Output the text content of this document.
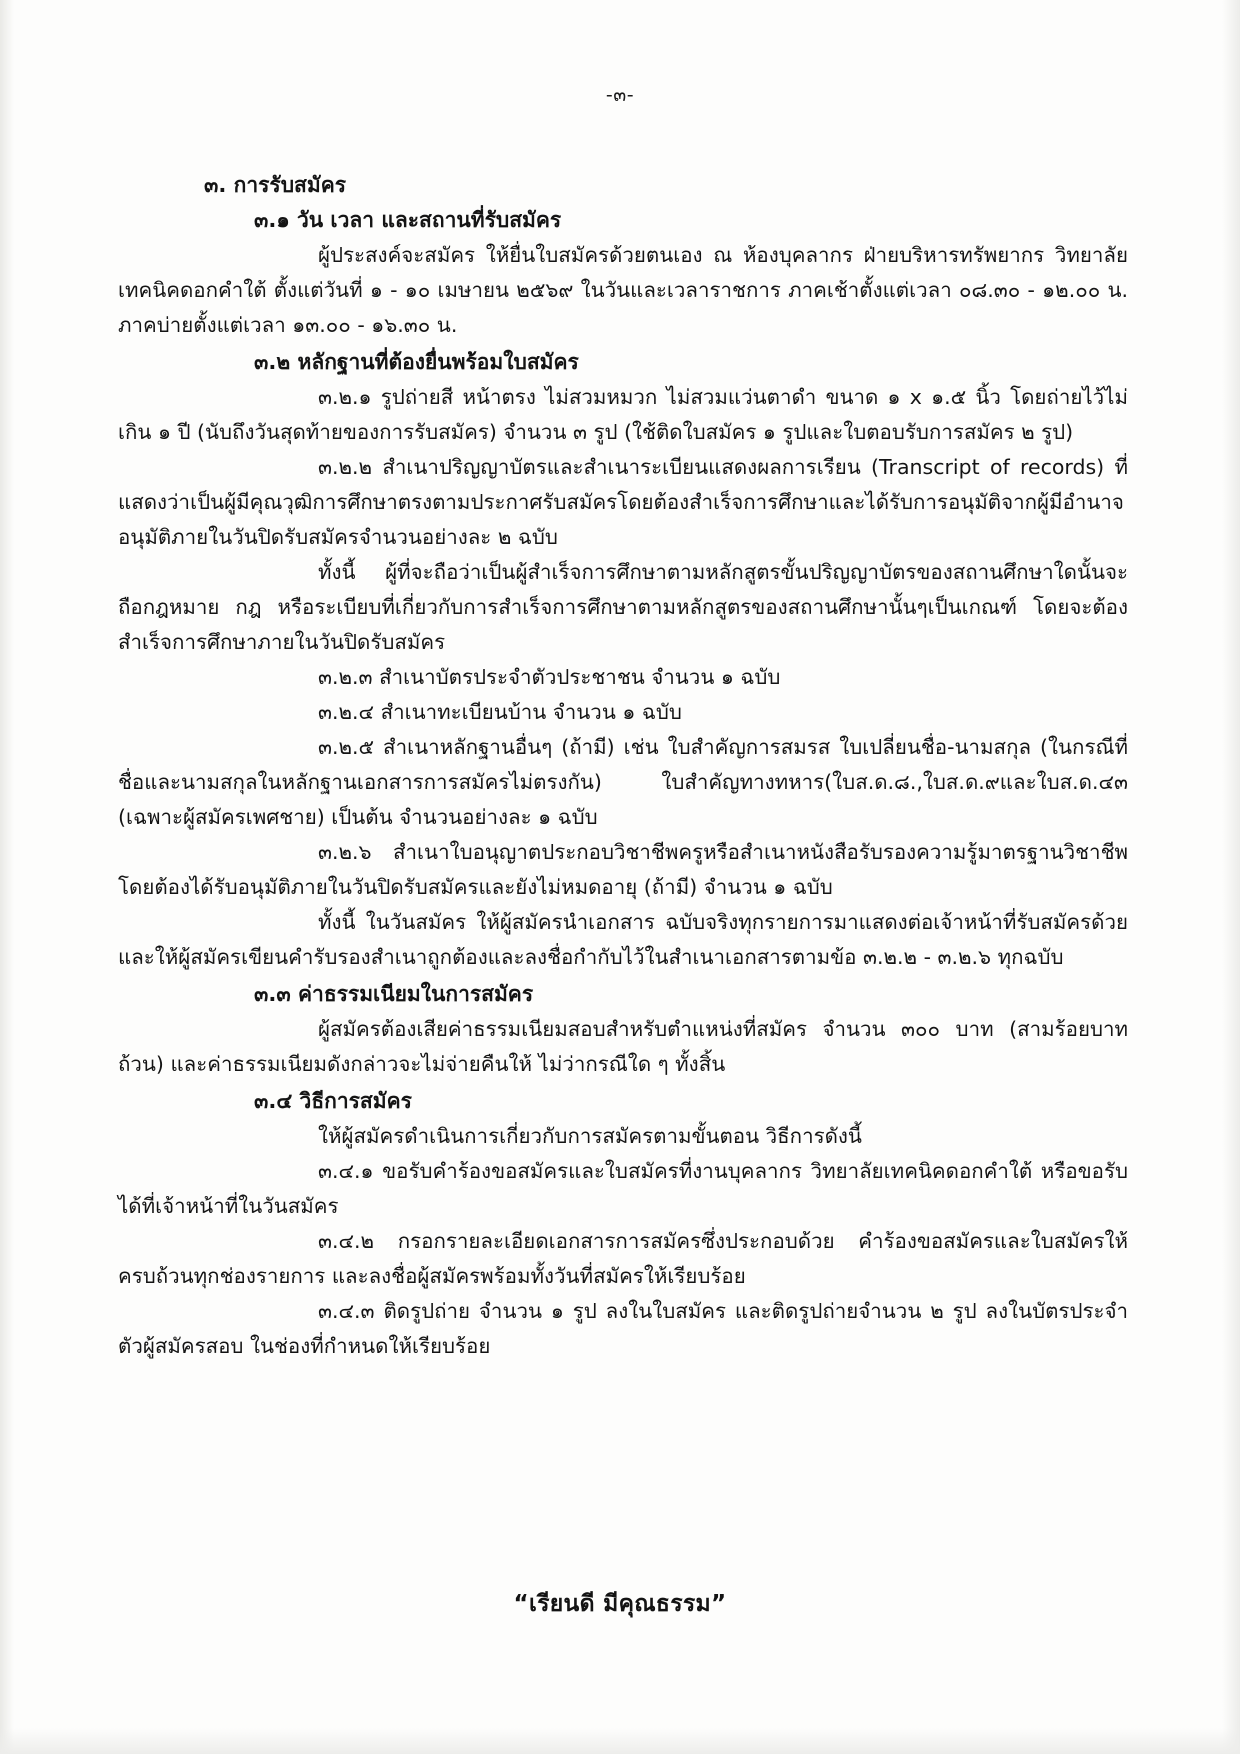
-๓-

๓. การรับสมัคร

๓.๑ วัน เวลา และสถานที่รับสมัคร

ผู้ประสงค์จะสมัคร ให้ยื่นใบสมัครด้วยตนเอง ณ ห้องบุคลากร ฝ่ายบริหารทรัพยากร วิทยาลัยเทคนิคดอกคำใต้ ตั้งแต่วันที่ ๑ - ๑๐ เมษายน ๒๕๖๙ ในวันและเวลาราชการ ภาคเช้าตั้งแต่เวลา ๐๘.๓๐ - ๑๒.๐๐ น. ภาคบ่ายตั้งแต่เวลา ๑๓.๐๐ - ๑๖.๓๐ น.

๓.๒ หลักฐานที่ต้องยื่นพร้อมใบสมัคร

๓.๒.๑ รูปถ่ายสี หน้าตรง ไม่สวมหมวก ไม่สวมแว่นตาดำ ขนาด ๑ x ๑.๕ นิ้ว โดยถ่ายไว้ไม่เกิน ๑ ปี (นับถึงวันสุดท้ายของการรับสมัคร) จำนวน ๓ รูป (ใช้ติดใบสมัคร ๑ รูปและใบตอบรับการสมัคร ๒ รูป)

๓.๒.๒ สำเนาปริญญาบัตรและสำเนาระเบียนแสดงผลการเรียน (Transcript of records) ที่แสดงว่าเป็นผู้มีคุณวุฒิการศึกษาตรงตามประกาศรับสมัครโดยต้องสำเร็จการศึกษาและได้รับการอนุมัติจากผู้มีอำนาจอนุมัติภายในวันปิดรับสมัครจำนวนอย่างละ ๒ ฉบับ

ทั้งนี้ ผู้ที่จะถือว่าเป็นผู้สำเร็จการศึกษาตามหลักสูตรขั้นปริญญาบัตรของสถานศึกษาใดนั้นจะถือกฎหมาย กฎ หรือระเบียบที่เกี่ยวกับการสำเร็จการศึกษาตามหลักสูตรของสถานศึกษานั้นๆเป็นเกณฑ์ โดยจะต้องสำเร็จการศึกษาภายในวันปิดรับสมัคร

๓.๒.๓ สำเนาบัตรประจำตัวประชาชน จำนวน ๑ ฉบับ

๓.๒.๔ สำเนาทะเบียนบ้าน จำนวน ๑ ฉบับ

๓.๒.๕ สำเนาหลักฐานอื่นๆ (ถ้ามี) เช่น ใบสำคัญการสมรส ใบเปลี่ยนชื่อ-นามสกุล (ในกรณีที่ชื่อและนามสกุลในหลักฐานเอกสารการสมัครไม่ตรงกัน) ใบสำคัญทางทหาร(ใบส.ด.๘.,ใบส.ด.๙และใบส.ด.๔๓ (เฉพาะผู้สมัครเพศชาย) เป็นต้น จำนวนอย่างละ ๑ ฉบับ

๓.๒.๖ สำเนาใบอนุญาตประกอบวิชาชีพครูหรือสำเนาหนังสือรับรองความรู้มาตรฐานวิชาชีพโดยต้องได้รับอนุมัติภายในวันปิดรับสมัครและยังไม่หมดอายุ (ถ้ามี) จำนวน ๑ ฉบับ

ทั้งนี้ ในวันสมัคร ให้ผู้สมัครนำเอกสาร ฉบับจริงทุกรายการมาแสดงต่อเจ้าหน้าที่รับสมัครด้วย และให้ผู้สมัครเขียนคำรับรองสำเนาถูกต้องและลงชื่อกำกับไว้ในสำเนาเอกสารตามข้อ ๓.๒.๒ - ๓.๒.๖ ทุกฉบับ

๓.๓ ค่าธรรมเนียมในการสมัคร

ผู้สมัครต้องเสียค่าธรรมเนียมสอบสำหรับตำแหน่งที่สมัคร จำนวน ๓๐๐ บาท (สามร้อยบาทถ้วน) และค่าธรรมเนียมดังกล่าวจะไม่จ่ายคืนให้ ไม่ว่ากรณีใด ๆ ทั้งสิ้น

๓.๔ วิธีการสมัคร

ให้ผู้สมัครดำเนินการเกี่ยวกับการสมัครตามขั้นตอน วิธีการดังนี้

๓.๔.๑ ขอรับคำร้องขอสมัครและใบสมัครที่งานบุคลากร วิทยาลัยเทคนิคดอกคำใต้ หรือขอรับได้ที่เจ้าหน้าที่ในวันสมัคร

๓.๔.๒ กรอกรายละเอียดเอกสารการสมัครซึ่งประกอบด้วย คำร้องขอสมัครและใบสมัครให้ครบถ้วนทุกช่องรายการ และลงชื่อผู้สมัครพร้อมทั้งวันที่สมัครให้เรียบร้อย

๓.๔.๓ ติดรูปถ่าย จำนวน ๑ รูป ลงในใบสมัคร และติดรูปถ่ายจำนวน ๒ รูป ลงในบัตรประจำตัวผู้สมัครสอบ ในช่องที่กำหนดให้เรียบร้อย

“เรียนดี มีคุณธรรม”
